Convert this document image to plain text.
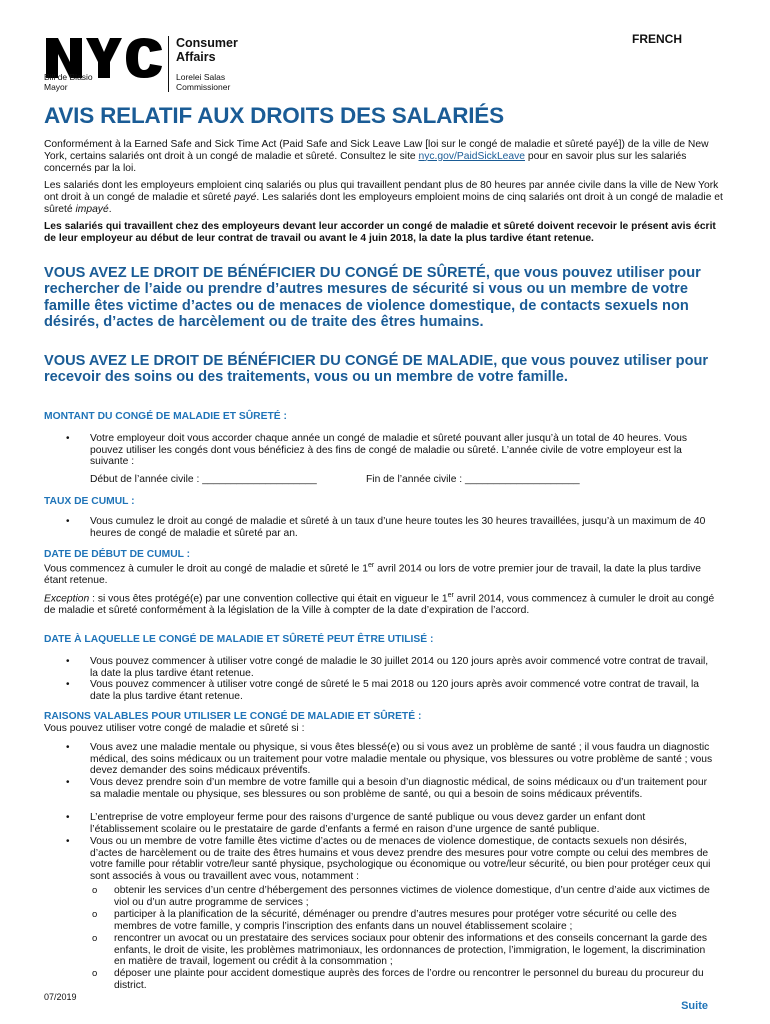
Consumer
Affairs
Bill de Blasio
Mayor
Lorelei Salas
Commissioner
FRENCH
AVIS RELATIF AUX DROITS DES SALARIÉS
Conformément à la Earned Safe and Sick Time Act (Paid Safe and Sick Leave Law [loi sur le congé de maladie et sûreté payé]) de la ville de New York, certains salariés ont droit à un congé de maladie et sûreté. Consultez le site nyc.gov/PaidSickLeave pour en savoir plus sur les salariés concernés par la loi.
Les salariés dont les employeurs emploient cinq salariés ou plus qui travaillent pendant plus de 80 heures par année civile dans la ville de New York ont droit à un congé de maladie et sûreté payé. Les salariés dont les employeurs emploient moins de cinq salariés ont droit à un congé de maladie et sûreté impayé.
Les salariés qui travaillent chez des employeurs devant leur accorder un congé de maladie et sûreté doivent recevoir le présent avis écrit de leur employeur au début de leur contrat de travail ou avant le 4 juin 2018, la date la plus tardive étant retenue.
VOUS AVEZ LE DROIT DE BÉNÉFICIER DU CONGÉ DE SÛRETÉ, que vous pouvez utiliser pour rechercher de l’aide ou prendre d’autres mesures de sécurité si vous ou un membre de votre famille êtes victime d’actes ou de menaces de violence domestique, de contacts sexuels non désirés, d’actes de harcèlement ou de traite des êtres humains.
VOUS AVEZ LE DROIT DE BÉNÉFICIER DU CONGÉ DE MALADIE, que vous pouvez utiliser pour recevoir des soins ou des traitements, vous ou un membre de votre famille.
MONTANT DU CONGÉ DE MALADIE ET SÛRETÉ :
• Votre employeur doit vous accorder chaque année un congé de maladie et sûreté pouvant aller jusqu’à un total de 40 heures. Vous pouvez utiliser les congés dont vous bénéficiez à des fins de congé de maladie ou sûreté. L’année civile de votre employeur est la suivante :
Début de l’année civile : ____________________	Fin de l’année civile : ____________________
TAUX DE CUMUL :
• Vous cumulez le droit au congé de maladie et sûreté à un taux d’une heure toutes les 30 heures travaillées, jusqu’à un maximum de 40 heures de congé de maladie et sûreté par an.
DATE DE DÉBUT DE CUMUL :
Vous commencez à cumuler le droit au congé de maladie et sûreté le 1er avril 2014 ou lors de votre premier jour de travail, la date la plus tardive étant retenue.
Exception : si vous êtes protégé(e) par une convention collective qui était en vigueur le 1er avril 2014, vous commencez à cumuler le droit au congé de maladie et sûreté conformément à la législation de la Ville à compter de la date d’expiration de l’accord.
DATE À LAQUELLE LE CONGÉ DE MALADIE ET SÛRETÉ PEUT ÊTRE UTILISÉ :
• Vous pouvez commencer à utiliser votre congé de maladie le 30 juillet 2014 ou 120 jours après avoir commencé votre contrat de travail, la date la plus tardive étant retenue.
• Vous pouvez commencer à utiliser votre congé de sûreté le 5 mai 2018 ou 120 jours après avoir commencé votre contrat de travail, la date la plus tardive étant retenue.
RAISONS VALABLES POUR UTILISER LE CONGÉ DE MALADIE ET SÛRETÉ :
Vous pouvez utiliser votre congé de maladie et sûreté si :
• Vous avez une maladie mentale ou physique, si vous êtes blessé(e) ou si vous avez un problème de santé ; il vous faudra un diagnostic médical, des soins médicaux ou un traitement pour votre maladie mentale ou physique, vos blessures ou votre problème de santé ; vous devez demander des soins médicaux préventifs.
• Vous devez prendre soin d’un membre de votre famille qui a besoin d’un diagnostic médical, de soins médicaux ou d’un traitement pour sa maladie mentale ou physique, ses blessures ou son problème de santé, ou qui a besoin de soins médicaux préventifs.
• L’entreprise de votre employeur ferme pour des raisons d’urgence de santé publique ou vous devez garder un enfant dont l’établissement scolaire ou le prestataire de garde d’enfants a fermé en raison d’une urgence de santé publique.
• Vous ou un membre de votre famille êtes victime d’actes ou de menaces de violence domestique, de contacts sexuels non désirés, d’actes de harcèlement ou de traite des êtres humains et vous devez prendre des mesures pour votre compte ou celui des membres de votre famille pour rétablir votre/leur santé physique, psychologique ou économique ou votre/leur sécurité, ou bien pour protéger ceux qui sont associés à vous ou travaillent avec vous, notamment :
o obtenir les services d’un centre d’hébergement des personnes victimes de violence domestique, d’un centre d’aide aux victimes de viol ou d’un autre programme de services ;
o participer à la planification de la sécurité, déménager ou prendre d’autres mesures pour protéger votre sécurité ou celle des membres de votre famille, y compris l’inscription des enfants dans un nouvel établissement scolaire ;
o rencontrer un avocat ou un prestataire des services sociaux pour obtenir des informations et des conseils concernant la garde des enfants, le droit de visite, les problèmes matrimoniaux, les ordonnances de protection, l’immigration, le logement, la discrimination en matière de travail, logement ou crédit à la consommation ;
o déposer une plainte pour accident domestique auprès des forces de l’ordre ou rencontrer le personnel du bureau du procureur du district.
07/2019
Suite
